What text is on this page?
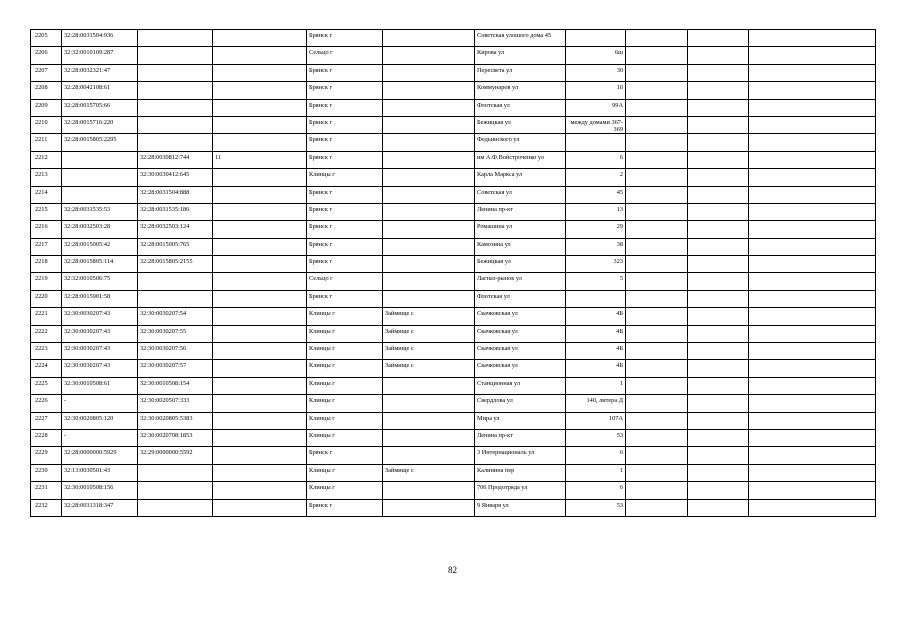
2205	32:28:0031504:936			Брянск г		Советская улошого дома 45				
2206	32:32:0010109:287			Сельцо г		Кирова ул	6ш			
2207	32:28:0032321:47			Брянск г		Пересвета ул	30			
2208	32:28:0042108:61			Брянск г		Коммунаров ул	10			
2209	32:28:0015705:66			Брянск г		Флотская ул	99А			
2210	32:28:0015716:220			Брянск г		Бежицкая ул	между домами 367-369			
2211	32:28:0015805:2295			Брянск г		Федьинского ул				
2212		32:28:0030812:744	11	Брянск г		им А.Ф.Войстроченко ул	6			
2213		32:30:0030412:645		Клинцы г		Карла Маркса ул	2			
2214		32:28:0031504:888		Брянск г		Советская ул	45			
2215	32:28:0031535:53	32:28:0031535:186		Брянск г		Ленина пр-кт	13			
2216	32:28:0032503:28	32:28:0032503:124		Брянск г		Ромашина ул	29			
2217	32:28:0015005:42	32:28:0015005:765		Брянск г		Камозина ул	38			
2218	32:28:0015805:114	32:28:0015805:2155		Брянск г		Бежицкая ул	323			
2219	32:32:0010506:75			Сельцо г		Лагназ-рынок ул	5			
2220	32:28:0015901:58			Брянск г		Флотская ул				
2221	32:30:0030207:43	32:30:0030207:54		Клинцы г	Займище с	Скачковская ул	4Б			
2222	32:30:0030207:43	32:30:0030207:55		Клинцы г	Займище с	Скачковская ул	4Б			
2223	32:30:0030207:43	32:30:0030207:56		Клинцы г	Займище с	Скачковская ул	4Б			
2224	32:30:0030207:43	32:30:0030207:57		Клинцы г	Займище с	Скачковская ул	4Б			
2225	32:30:0010508:61	32:30:0010508:154		Клинцы г		Станционная ул	1			
2226	-	32:30:0020507:333		Клинцы г		Свердлова ул	140, литера Д			
2227	32:30:0020805:120	32:30:0020805:5383		Клинцы г		Мира ул	107А			
2228	-	32:30:0020708:1853		Клинцы г		Ленина пр-кт	53			
2229	32:28:0000000:5929	32:29:0000000:5592		Брянск г		3 Интернациональ ул	6			
2230	32:13:0030501:43			Клинцы г	Займище с	Калинина пер	1			
2231	32:30:0010508:156			Клинцы г		706 Продотряда ул	6			
2232	32:28:0031318:347			Брянск г		9 Января ул	53			
82
